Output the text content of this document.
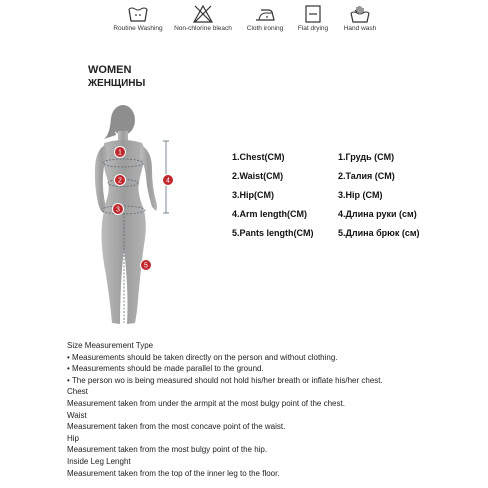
Routine Washing	Non-chlorine bleach	Cloth ironing	Flat drying	Hand wash
WOMEN
ЖЕНЩИНЫ
1
2
3
4
5
1.Chest(CM)
2.Waist(CM)
3.Hip(CM)
4.Arm length(CM)
5.Pants length(CM)
1.Грудь (CM)
2.Талия (CM)
3.Hip (CM)
4.Длина руки (см)
5.Длина брюк (см)
Size Measurement Type
• Measurements should be taken directly on the person and without clothing.
• Measurements should be made parallel to the ground.
• The person wo is being measured should not hold his/her breath or inflate his/her chest.
Chest
Measurement taken from under the armpit at the most bulgy point of the chest.
Waist
Measurement taken from the most concave point of the waist.
Hip
Measurement taken from the most bulgy point of the hip.
Inside Leg Lenght
Measurement taken from the top of the inner leg to the floor.
